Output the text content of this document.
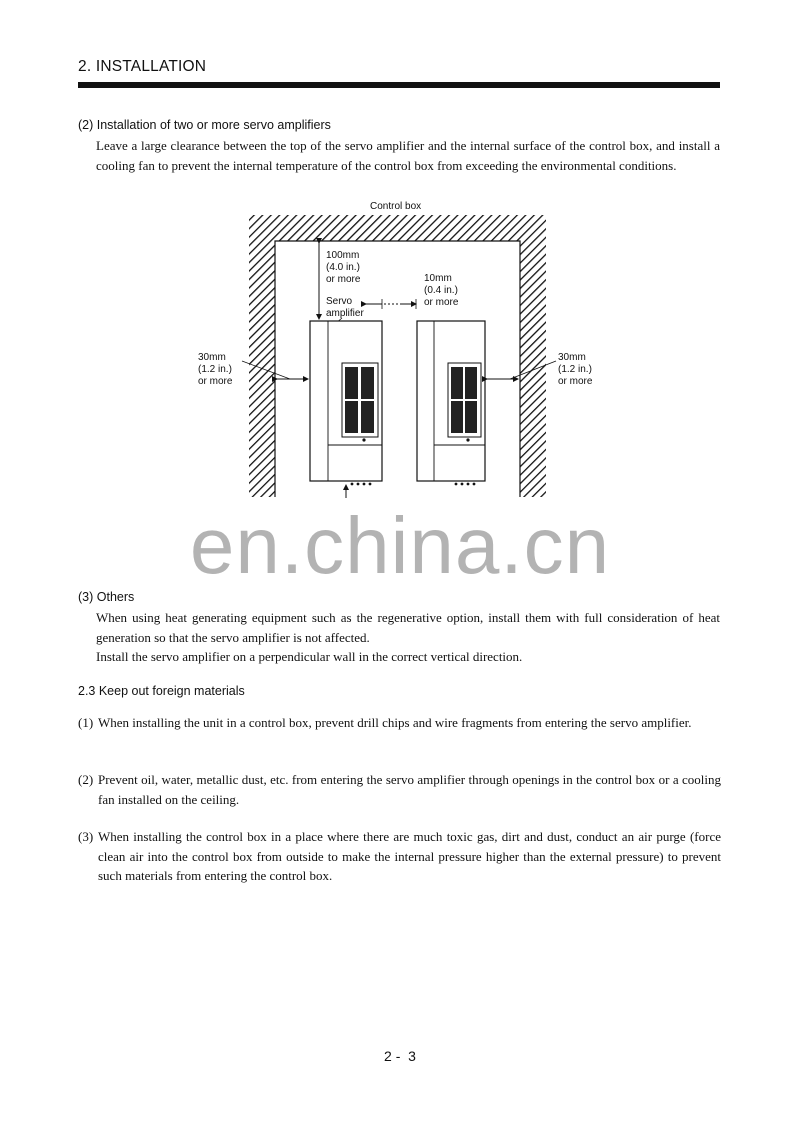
2. INSTALLATION
(2) Installation of two or more servo amplifiers
Leave a large clearance between the top of the servo amplifier and the internal surface of the control box, and install a cooling fan to prevent the internal temperature of the control box from exceeding the environmental conditions.
Control box
100mm
(4.0 in.)
or more
Servo
amplifier
10mm
(0.4 in.)
or more
30mm
(1.2 in.)
or more
30mm
(1.2 in.)
or more
en.china.cn
(3) Others

When using heat generating equipment such as the regenerative option, install them with full consideration of heat generation so that the servo amplifier is not affected.

Install the servo amplifier on a perpendicular wall in the correct vertical direction.

2.3 Keep out foreign materials
(1) When installing the unit in a control box, prevent drill chips and wire fragments from entering the servo amplifier.
(2) Prevent oil, water, metallic dust, etc. from entering the servo amplifier through openings in the control box or a cooling fan installed on the ceiling.
(3) When installing the control box in a place where there are much toxic gas, dirt and dust, conduct an air purge (force clean air into the control box from outside to make the internal pressure higher than the external pressure) to prevent such materials from entering the control box.
2 -  3
